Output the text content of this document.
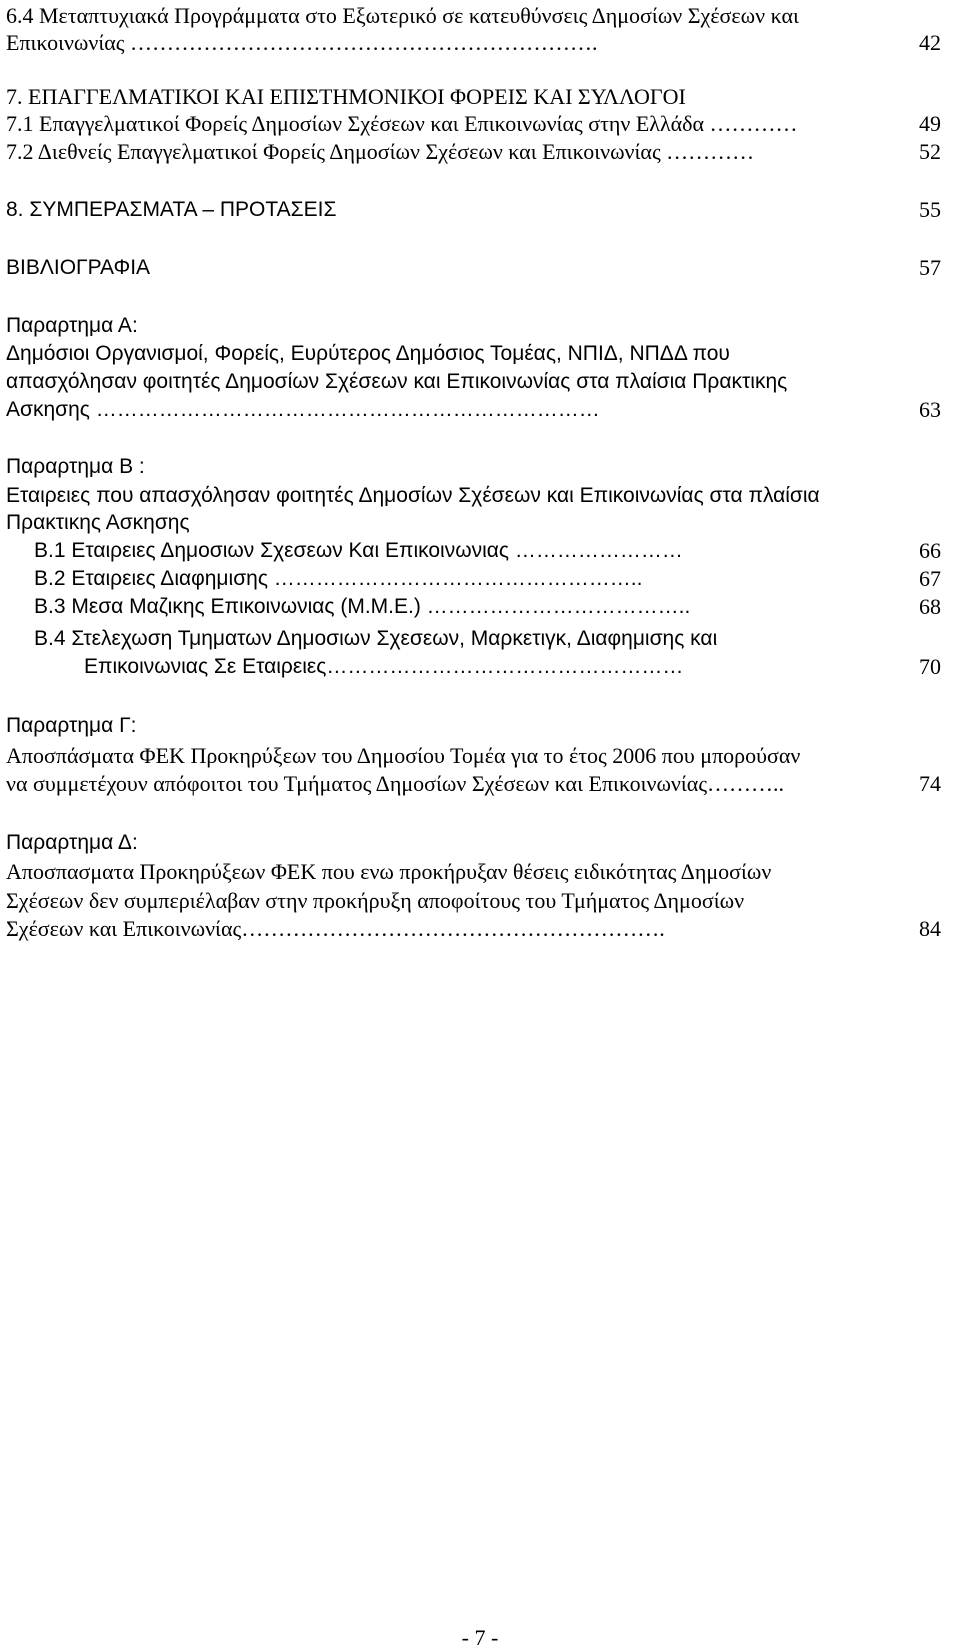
6.4 Μεταπτυχιακά Προγράμματα στο Εξωτερικό σε κατευθύνσεις Δημοσίων Σχέσεων και
Επικοινωνίας ……………………………………………………….	42
7. ΕΠΑΓΓΕΛΜΑΤΙΚΟΙ ΚΑΙ ΕΠΙΣΤΗΜΟΝΙΚΟΙ ΦΟΡΕΙΣ ΚΑΙ ΣΥΛΛΟΓΟΙ
7.1 Επαγγελματικοί Φορείς Δημοσίων Σχέσεων και Επικοινωνίας στην Ελλάδα …………	49
7.2 Διεθνείς Επαγγελματικοί Φορείς Δημοσίων Σχέσεων και Επικοινωνίας …………	52
8. ΣΥΜΠΕΡΑΣΜΑΤΑ – ΠΡΟΤΑΣΕΙΣ	55
ΒΙΒΛΙΟΓΡΑΦΙΑ	57
Παραρτημα Α:
Δημόσιοι Οργανισμοί, Φορείς, Ευρύτερος Δημόσιος Τομέας, ΝΠΙΔ, ΝΠΔΔ που
απασχόλησαν φοιτητές Δημοσίων Σχέσεων και Επικοινωνίας στα πλαίσια Πρακτικης
Ασκησης ………………………………………………………………	63
Παραρτημα Β :
Εταιρειες που απασχόλησαν φοιτητές Δημοσίων Σχέσεων και Επικοινωνίας στα πλαίσια
Πρακτικης Ασκησης
Β.1 Εταιρειες Δημοσιων Σχεσεων Και Επικοινωνιας ……………………	66
Β.2 Εταιρειες Διαφημισης ……………………………………………..	67
Β.3 Μεσα Μαζικης Επικοινωνιας (Μ.Μ.Ε.) ………………………………..	68
Β.4 Στελεχωση Τμηματων Δημοσιων Σχεσεων, Μαρκετιγκ, Διαφημισης και
Επικοινωνιας Σε Εταιρειες……………………………………………	70
Παραρτημα Γ:
Αποσπάσματα ΦΕΚ Προκηρύξεων του Δημοσίου Τομέα για το έτος 2006 που μπορούσαν
να συμμετέχουν απόφοιτοι του Τμήματος Δημοσίων Σχέσεων και Επικοινωνίας………..	74
Παραρτημα Δ:
Αποσπασματα Προκηρύξεων ΦΕΚ που ενω προκήρυξαν θέσεις ειδικότητας Δημοσίων
Σχέσεων δεν συμπεριέλαβαν στην προκήρυξη αποφοίτους του Τμήματος Δημοσίων
Σχέσεων και Επικοινωνίας………………………………………………….	84
- 7 -
